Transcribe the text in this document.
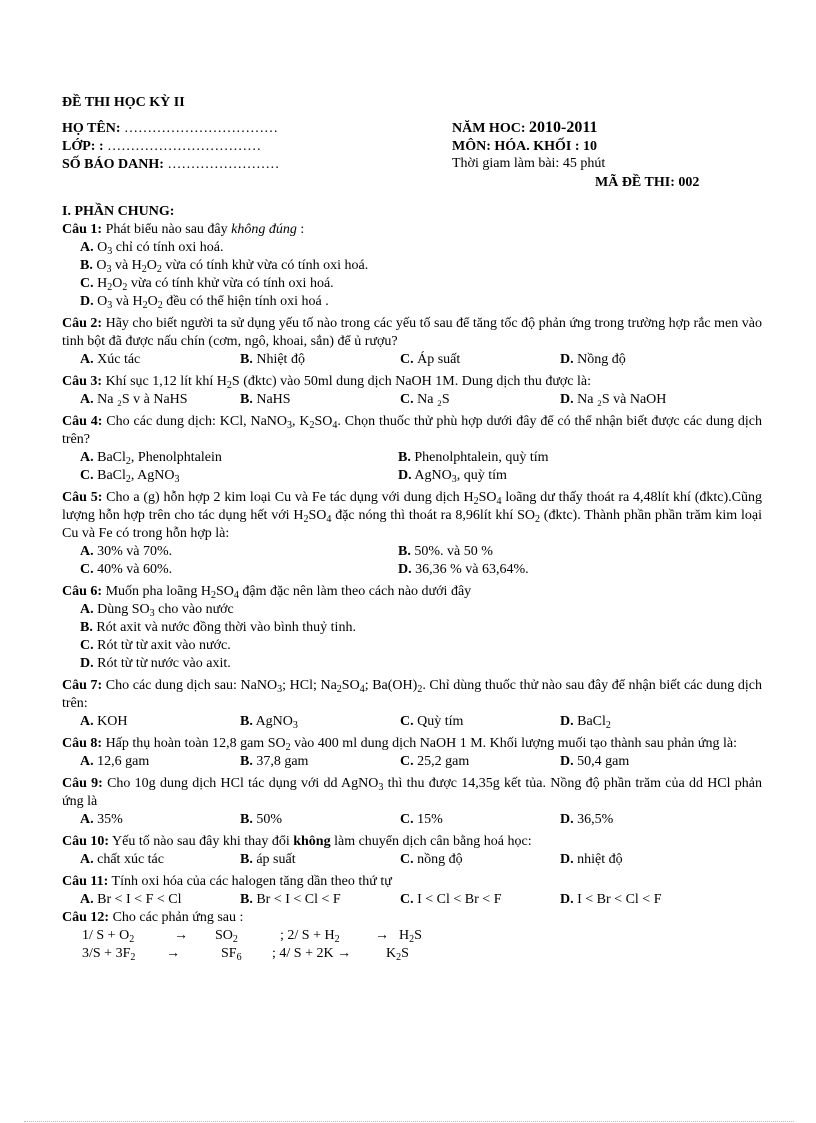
ĐỀ THI HỌC KỲ II
HỌ TÊN: ……………………………
LỚP: : ……………………………
SỐ BÁO DANH: ……………………
NĂM HOC: 2010-2011
MÔN: HÓA. KHỐI : 10
Thời giam làm bài: 45 phút
MÃ ĐỀ THI: 002
I. PHẦN CHUNG:
Câu 1: Phát biểu nào sau đây không đúng :
A. $O_3$ chỉ có tính oxi hoá.
B. $O_3$ và $H_2O_2$ vừa có tính khử vừa có tính oxi hoá.
C. $H_2O_2$ vừa có tính khử vừa có tính oxi hoá.
D. $O_3$ và $H_2O_2$ đều có thể hiện tính oxi hoá .
Câu 2: Hãy cho biết người ta sử dụng yếu tố nào trong các yếu tố sau để tăng tốc độ phản ứng trong trường hợp rắc men vào tinh bột đã được nấu chín (cơm, ngô, khoai, sắn) để ủ rượu?
A. Xúc tác	B. Nhiệt độ	C. Áp suất	D. Nồng độ
Câu 3: Khí sục 1,12 lít khí $H_2S$ (đktc) vào 50ml dung dịch NaOH 1M. Dung dịch thu được là:
A. Na ₂S v à NaHS	B. NaHS	C. Na ₂S	D. Na ₂S và NaOH
Câu 4: Cho các dung dịch: KCl, NaNO$_3$, $K_2SO_4$. Chọn thuốc thử phù hợp dưới đây để có thể nhận biết được các dung dịch trên?
A. BaCl$_2$, Phenolphtalein	B. Phenolphtalein, quỳ tím
C. BaCl$_2$, AgNO$_3$	D. AgNO$_3$, quỳ tím
Câu 5: Cho a (g) hỗn hợp 2 kim loại Cu và Fe tác dụng với dung dịch $H_2SO_4$ loãng dư thấy thoát ra 4,48lít khí (đktc).Cũng lượng hỗn hợp trên cho tác dụng hết với $H_2SO_4$ đặc nóng thì thoát ra 8,96lít khí $SO_2$ (đktc). Thành phần phần trăm kim loại Cu và Fe có trong hỗn hợp là:
A. 30% và 70%.	B. 50%. và 50 %
C. 40% và 60%.	D. 36,36 % và 63,64%.
Câu 6: Muốn pha loãng $H_2SO_4$ đậm đặc nên làm theo cách nào dưới đây
A. Dùng $SO_3$ cho vào nước
B. Rót axit và nước đồng thời vào bình thuỷ tinh.
C. Rót từ từ axit vào nước.
D. Rót từ từ nước vào axit.
Câu 7: Cho các dung dịch sau: NaNO$_3$; HCl; $Na_2SO_4$; $Ba(OH)_2$. Chỉ dùng thuốc thử nào sau đây để nhận biết các dung dịch trên:
A. KOH	B. AgNO$_3$	C. Quỳ tím	D. BaCl$_2$
Câu 8: Hấp thụ hoàn toàn 12,8 gam $SO_2$ vào 400 ml dung dịch NaOH 1 M. Khối lượng muối tạo thành sau phản ứng là:
A. 12,6 gam	B. 37,8 gam	C. 25,2 gam	D. 50,4 gam
Câu 9: Cho 10g dung dịch HCl tác dụng với dd AgNO$_3$ thì thu được 14,35g kết tủa. Nồng độ phần trăm của dd HCl phản ứng là
A. 35%	B. 50%	C. 15%	D. 36,5%
Câu 10: Yếu tố nào sau đây khi thay đổi không làm chuyển dịch cân bằng hoá học:
A. chất xúc tác	B. áp suất	C. nồng độ	D. nhiệt độ
Câu 11: Tính oxi hóa của các halogen tăng dần theo thứ tự
A. Br < I < F < Cl	B. Br < I < Cl < F	C. I < Cl < Br < F	D. I < Br < Cl < F
Câu 12: Cho các phản ứng sau :
1/ $S + O_2$	→ $SO_2$	; 2/ $S + H_2$	→ $H_2S$
$3/S + 3F_2$ →	$SF_6$ ; 4/ $S + 2K \to K_2S$
